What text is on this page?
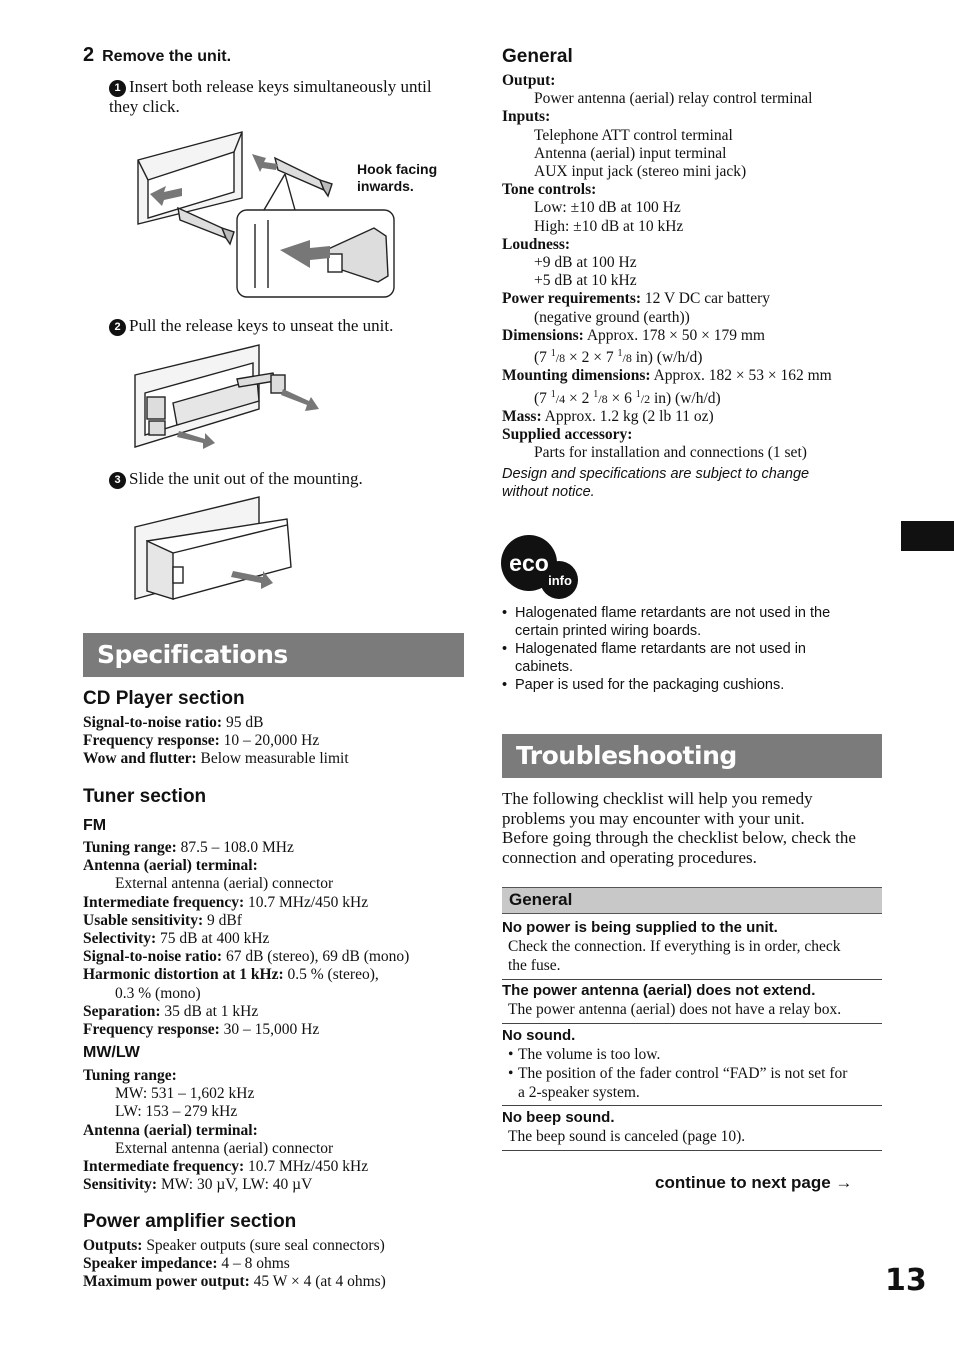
2 Remove the unit.
1 Insert both release keys simultaneously until they click.
Hook facing
inwards.
2 Pull the release keys to unseat the unit.
3 Slide the unit out of the mounting.
Specifications
CD Player section
Signal-to-noise ratio: 95 dB
Frequency response: 10 – 20,000 Hz
Wow and flutter: Below measurable limit
Tuner section
FM
Tuning range: 87.5 – 108.0 MHz
Antenna (aerial) terminal:
External antenna (aerial) connector
Intermediate frequency: 10.7 MHz/450 kHz
Usable sensitivity: 9 dBf
Selectivity: 75 dB at 400 kHz
Signal-to-noise ratio: 67 dB (stereo), 69 dB (mono)
Harmonic distortion at 1 kHz: 0.5 % (stereo),
0.3 % (mono)
Separation: 35 dB at 1 kHz
Frequency response: 30 – 15,000 Hz
MW/LW
Tuning range:
MW: 531 – 1,602 kHz
LW: 153 – 279 kHz
Antenna (aerial) terminal:
External antenna (aerial) connector
Intermediate frequency: 10.7 MHz/450 kHz
Sensitivity: MW: 30 µV, LW: 40 µV
Power amplifier section
Outputs: Speaker outputs (sure seal connectors)
Speaker impedance: 4 – 8 ohms
Maximum power output: 45 W × 4 (at 4 ohms)
General
Output:
Power antenna (aerial) relay control terminal
Inputs:
Telephone ATT control terminal
Antenna (aerial) input terminal
AUX input jack (stereo mini jack)
Tone controls:
Low: ±10 dB at 100 Hz
High: ±10 dB at 10 kHz
Loudness:
+9 dB at 100 Hz
+5 dB at 10 kHz
Power requirements: 12 V DC car battery
(negative ground (earth))
Dimensions: Approx. 178 × 50 × 179 mm
(7 $^1$/8 × 2 × 7 $^1$/8 in) (w/h/d)
Mounting dimensions: Approx. 182 × 53 × 162 mm
(7 $^1$/4 × 2 $^1$/8 × 6 $^1$/2 in) (w/h/d)
Mass: Approx. 1.2 kg (2 lb 11 oz)
Supplied accessory:
Parts for installation and connections (1 set)
Design and specifications are subject to change
without notice.
eco
info
• Halogenated flame retardants are not used in the
certain printed wiring boards.
• Halogenated flame retardants are not used in
cabinets.
• Paper is used for the packaging cushions.
Troubleshooting
The following checklist will help you remedy
problems you may encounter with your unit.
Before going through the checklist below, check the
connection and operating procedures.
General
No power is being supplied to the unit.
Check the connection. If everything is in order, check
the fuse.
The power antenna (aerial) does not extend.
The power antenna (aerial) does not have a relay box.
No sound.
• The volume is too low.
• The position of the fader control “FAD” is not set for
a 2-speaker system.
No beep sound.
The beep sound is canceled (page 10).
continue to next page →
13
